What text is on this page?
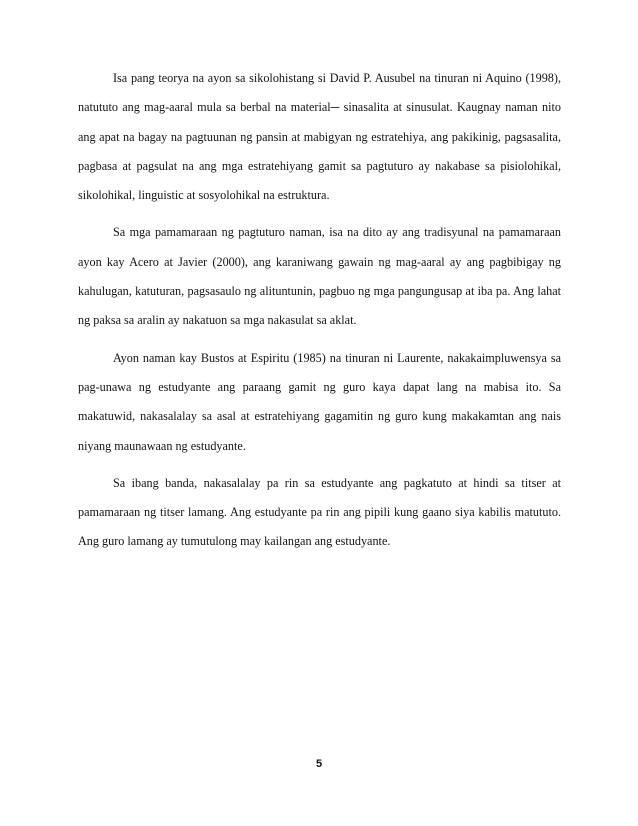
Isa pang teorya na ayon sa sikolohistang si David P. Ausubel na tinuran ni Aquino (1998), natututo ang mag-aaral mula sa berbal na material─ sinasalita at sinusulat. Kaugnay naman nito ang apat na bagay na pagtuunan ng pansin at mabigyan ng estratehiya, ang pakikinig, pagsasalita, pagbasa at pagsulat na ang mga estratehiyang gamit sa pagtuturo ay nakabase sa pisiolohikal, sikolohikal, linguistic at sosyolohikal na estruktura.

Sa mga pamamaraan ng pagtuturo naman, isa na dito ay ang tradisyunal na pamamaraan ayon kay Acero at Javier (2000), ang karaniwang gawain ng mag-aaral ay ang pagbibigay ng kahulugan, katuturan, pagsasaulo ng alituntunin, pagbuo ng mga pangungusap at iba pa. Ang lahat ng paksa sa aralin ay nakatuon sa mga nakasulat sa aklat.

Ayon naman kay Bustos at Espiritu (1985) na tinuran ni Laurente, nakakaimpluwensya sa pag-unawa ng estudyante ang paraang gamit ng guro kaya dapat lang na mabisa ito. Sa makatuwid, nakasalalay sa asal at estratehiyang gagamitin ng guro kung makakamtan ang nais niyang maunawaan ng estudyante.

Sa ibang banda, nakasalalay pa rin sa estudyante ang pagkatuto at hindi sa titser at pamamaraan ng titser lamang. Ang estudyante pa rin ang pipili kung gaano siya kabilis matututo. Ang guro lamang ay tumutulong may kailangan ang estudyante.

5
